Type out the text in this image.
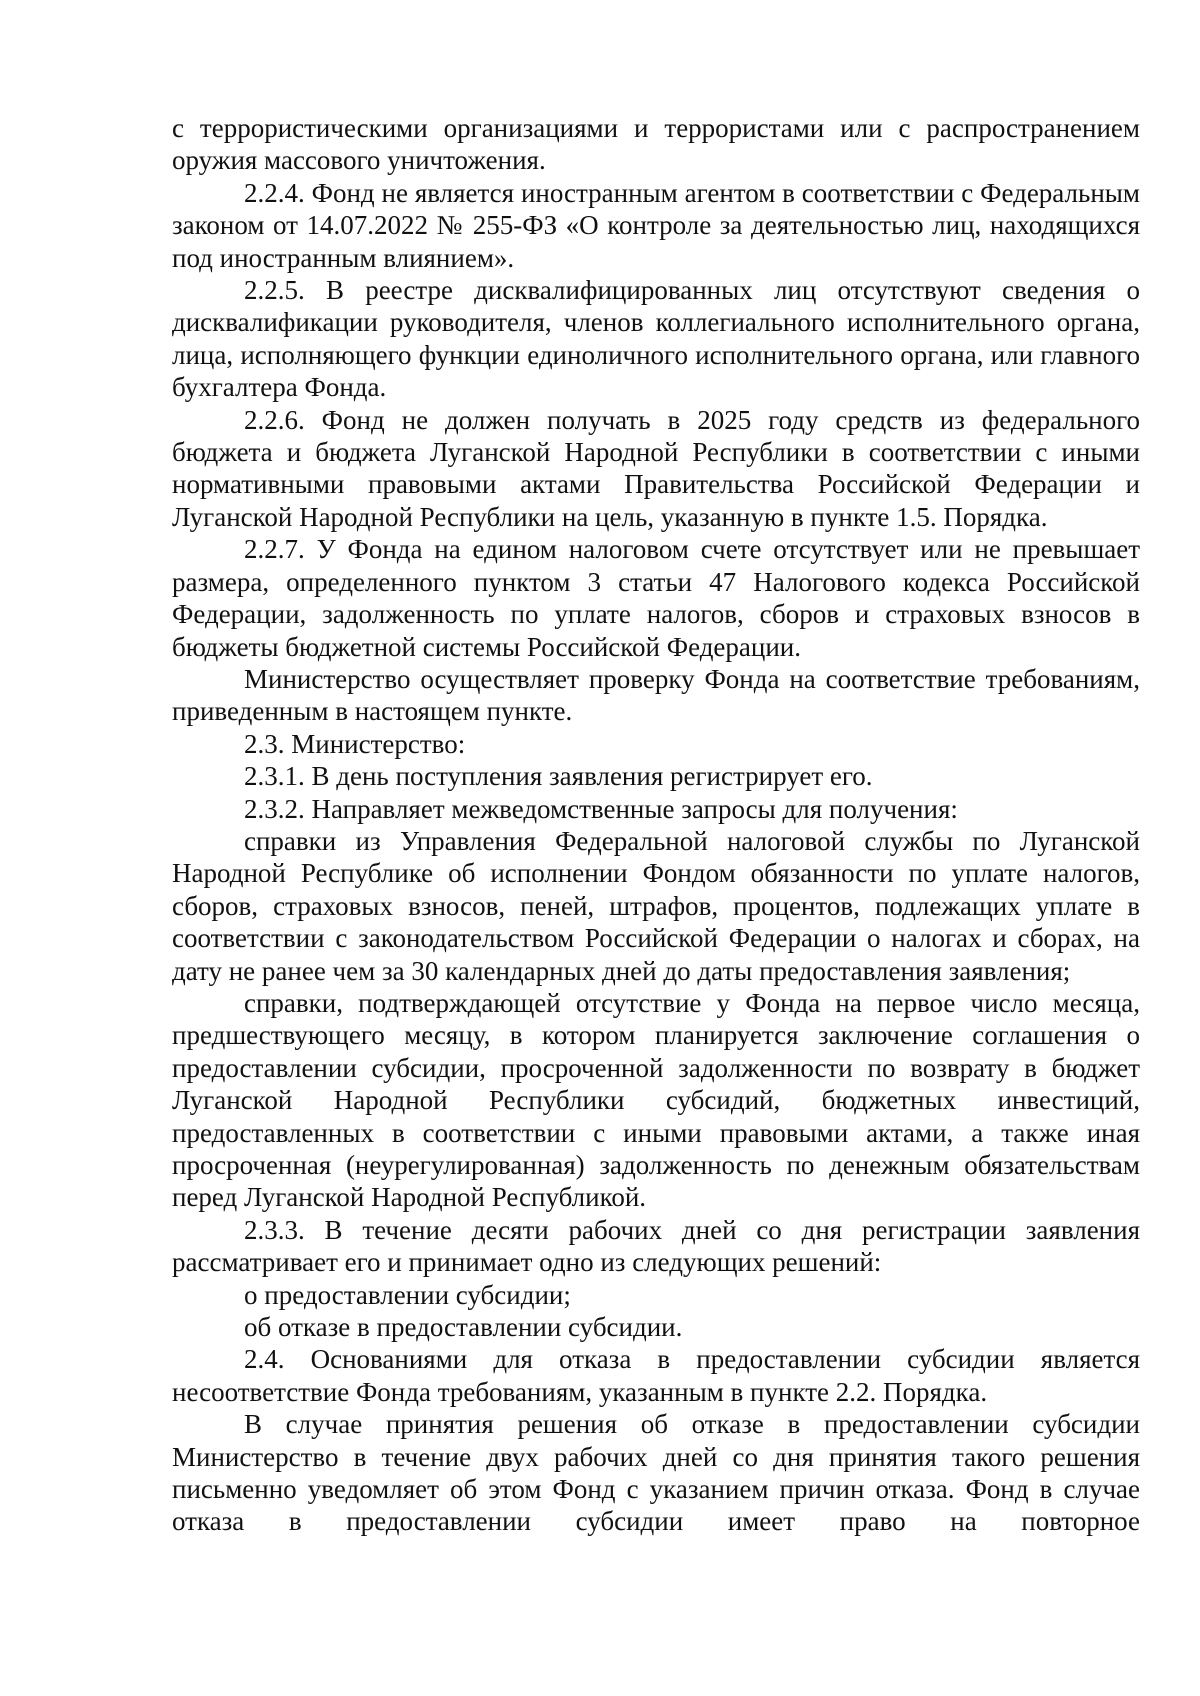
с террористическими организациями и террористами или с распространением оружия массового уничтожения.

2.2.4. Фонд не является иностранным агентом в соответствии с Федеральным законом от 14.07.2022 № 255-ФЗ «О контроле за деятельностью лиц, находящихся под иностранным влиянием».

2.2.5. В реестре дисквалифицированных лиц отсутствуют сведения о дисквалификации руководителя, членов коллегиального исполнительного органа, лица, исполняющего функции единоличного исполнительного органа, или главного бухгалтера Фонда.

2.2.6. Фонд не должен получать в 2025 году средств из федерального бюджета и бюджета Луганской Народной Республики в соответствии с иными нормативными правовыми актами Правительства Российской Федерации и Луганской Народной Республики на цель, указанную в пункте 1.5. Порядка.

2.2.7. У Фонда на едином налоговом счете отсутствует или не превышает размера, определенного пунктом 3 статьи 47 Налогового кодекса Российской Федерации, задолженность по уплате налогов, сборов и страховых взносов в бюджеты бюджетной системы Российской Федерации.

Министерство осуществляет проверку Фонда на соответствие требованиям, приведенным в настоящем пункте.

2.3. Министерство:

2.3.1. В день поступления заявления регистрирует его.

2.3.2. Направляет межведомственные запросы для получения:

справки из Управления Федеральной налоговой службы по Луганской Народной Республике об исполнении Фондом обязанности по уплате налогов, сборов, страховых взносов, пеней, штрафов, процентов, подлежащих уплате в соответствии с законодательством Российской Федерации о налогах и сборах, на дату не ранее чем за 30 календарных дней до даты предоставления заявления;

справки, подтверждающей отсутствие у Фонда на первое число месяца, предшествующего месяцу, в котором планируется заключение соглашения о предоставлении субсидии, просроченной задолженности по возврату в бюджет Луганской Народной Республики субсидий, бюджетных инвестиций, предоставленных в соответствии с иными правовыми актами, а также иная просроченная (неурегулированная) задолженность по денежным обязательствам перед Луганской Народной Республикой.

2.3.3. В течение десяти рабочих дней со дня регистрации заявления рассматривает его и принимает одно из следующих решений:

о предоставлении субсидии;

об отказе в предоставлении субсидии.

2.4. Основаниями для отказа в предоставлении субсидии является несоответствие Фонда требованиям, указанным в пункте 2.2. Порядка.

В случае принятия решения об отказе в предоставлении субсидии Министерство в течение двух рабочих дней со дня принятия такого решения письменно уведомляет об этом Фонд с указанием причин отказа. Фонд в случае отказа в предоставлении субсидии имеет право на повторное
